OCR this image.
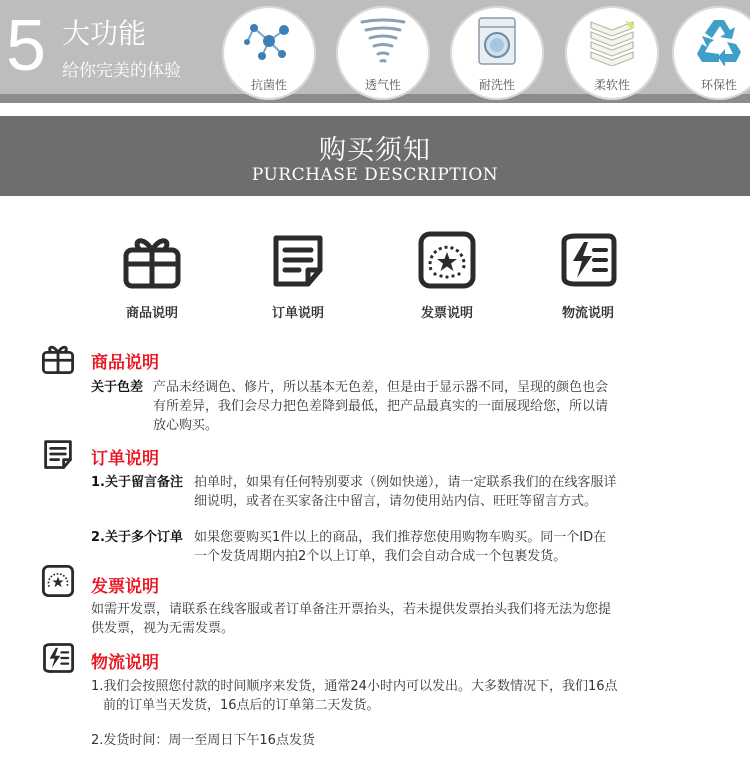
5 大功能
给你完美的体验
抗菌性	透气性	耐洗性	柔软性	环保性
购买须知
PURCHASE DESCRIPTION
商品说明	订单说明	发票说明	物流说明
商品说明
关于色差 产品未经调色、修片，所以基本无色差，但是由于显示器不同，呈现的颜色也会
有所差异，我们会尽力把色差降到最低，把产品最真实的一面展现给您，所以请
放心购买。
订单说明
1.关于留言备注 拍单时，如果有任何特别要求（例如快递），请一定联系我们的在线客服详
细说明，或者在买家备注中留言，请勿使用站内信、旺旺等留言方式。
2.关于多个订单 如果您要购买1件以上的商品，我们推荐您使用购物车购买。同一个ID在
一个发货周期内拍2个以上订单，我们会自动合成一个包裹发货。
发票说明
如需开发票，请联系在线客服或者订单备注开票抬头，若未提供发票抬头我们将无法为您提
供发票，视为无需发票。
物流说明
1.我们会按照您付款的时间顺序来发货，通常24小时内可以发出。大多数情况下，我们16点
前的订单当天发货，16点后的订单第二天发货。
2.发货时间：周一至周日下午16点发货
